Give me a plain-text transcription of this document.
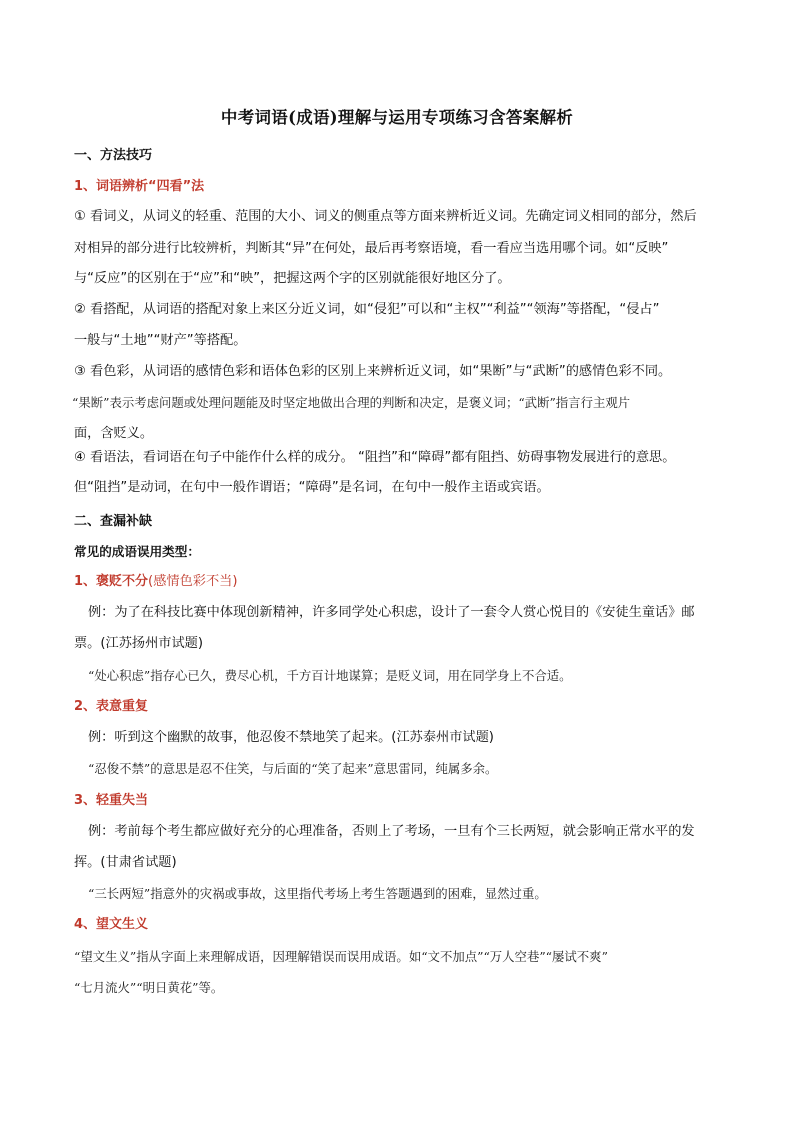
中考词语(成语)理解与运用专项练习含答案解析
一、方法技巧
1、词语辨析“四看”法
① 看词义，从词义的轻重、范围的大小、词义的侧重点等方面来辨析近义词。先确定词义相同的部分，然后
对相异的部分进行比较辨析，判断其“异”在何处，最后再考察语境，看一看应当选用哪个词。如“反映”
与“反应”的区别在于“应”和“映”，把握这两个字的区别就能很好地区分了。
② 看搭配，从词语的搭配对象上来区分近义词，如“侵犯”可以和“主权”“利益”“领海”等搭配，“侵占”
一般与“土地”“财产”等搭配。
③ 看色彩，从词语的感情色彩和语体色彩的区别上来辨析近义词，如“果断”与“武断”的感情色彩不同。
“果断”表示考虑问题或处理问题能及时坚定地做出合理的判断和决定，是褒义词；“武断”指言行主观片
面，含贬义。
④ 看语法，看词语在句子中能作什么样的成分。 “阻挡”和“障碍”都有阻挡、妨碍事物发展进行的意思。
但“阻挡”是动词，在句中一般作谓语；“障碍”是名词，在句中一般作主语或宾语。
二、查漏补缺
常见的成语误用类型：
1、褒贬不分(感情色彩不当)
例：为了在科技比赛中体现创新精神，许多同学处心积虑，设计了一套令人赏心悦目的《安徒生童话》邮
票。(江苏扬州市试题)
“处心积虑”指存心已久，费尽心机，千方百计地谋算；是贬义词，用在同学身上不合适。
2、表意重复
例：听到这个幽默的故事，他忍俊不禁地笑了起来。(江苏泰州市试题)
“忍俊不禁”的意思是忍不住笑，与后面的“笑了起来”意思雷同，纯属多余。
3、轻重失当
例：考前每个考生都应做好充分的心理准备，否则上了考场，一旦有个三长两短，就会影响正常水平的发
挥。(甘肃省试题)
“三长两短”指意外的灾祸或事故，这里指代考场上考生答题遇到的困难，显然过重。
4、望文生义
“望文生义”指从字面上来理解成语，因理解错误而误用成语。如“文不加点”“万人空巷”“屡试不爽”
“七月流火”“明日黄花”等。
